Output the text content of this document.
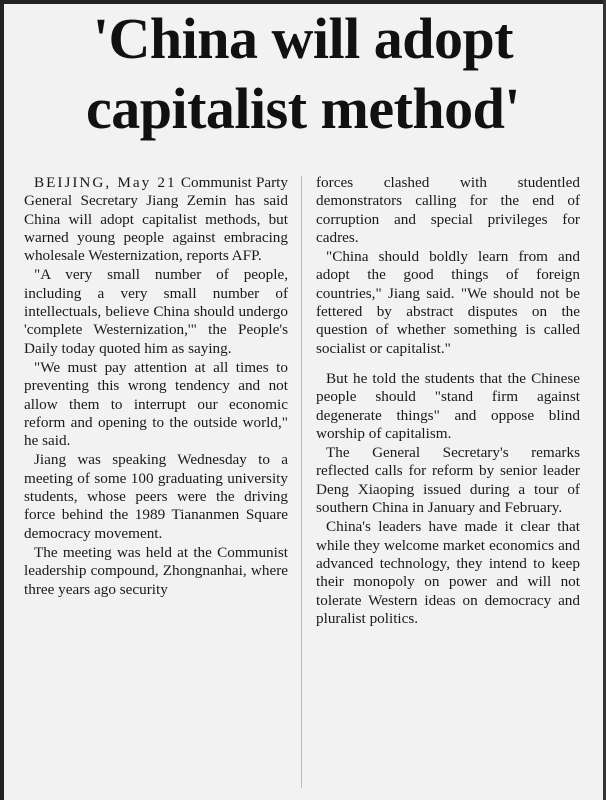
'China will adopt
capitalist method'

BEIJING, May 21 Communist Party General Secretary Jiang Zemin has said China will adopt capitalist methods, but warned young people against embracing wholesale Westernization, reports AFP.

"A very small number of people, including a very small number of intellectuals, believe China should undergo 'complete Westernization,'" the People's Daily today quoted him as saying.

"We must pay attention at all times to preventing this wrong tendency and not allow them to interrupt our economic reform and opening to the outside world," he said.

Jiang was speaking Wednesday to a meeting of some 100 graduating university students, whose peers were the driving force behind the 1989 Tiananmen Square democracy movement.

The meeting was held at the Communist leadership compound, Zhongnanhai, where three years ago security

forces clashed with studentled demonstrators calling for the end of corruption and special privileges for cadres.

"China should boldly learn from and adopt the good things of foreign countries," Jiang said. "We should not be fettered by abstract disputes on the question of whether something is called socialist or capitalist."

But he told the students that the Chinese people should "stand firm against degenerate things" and oppose blind worship of capitalism.

The General Secretary's remarks reflected calls for reform by senior leader Deng Xiaoping issued during a tour of southern China in January and February.

China's leaders have made it clear that while they welcome market economics and advanced technology, they intend to keep their monopoly on power and will not tolerate Western ideas on democracy and pluralist politics.
